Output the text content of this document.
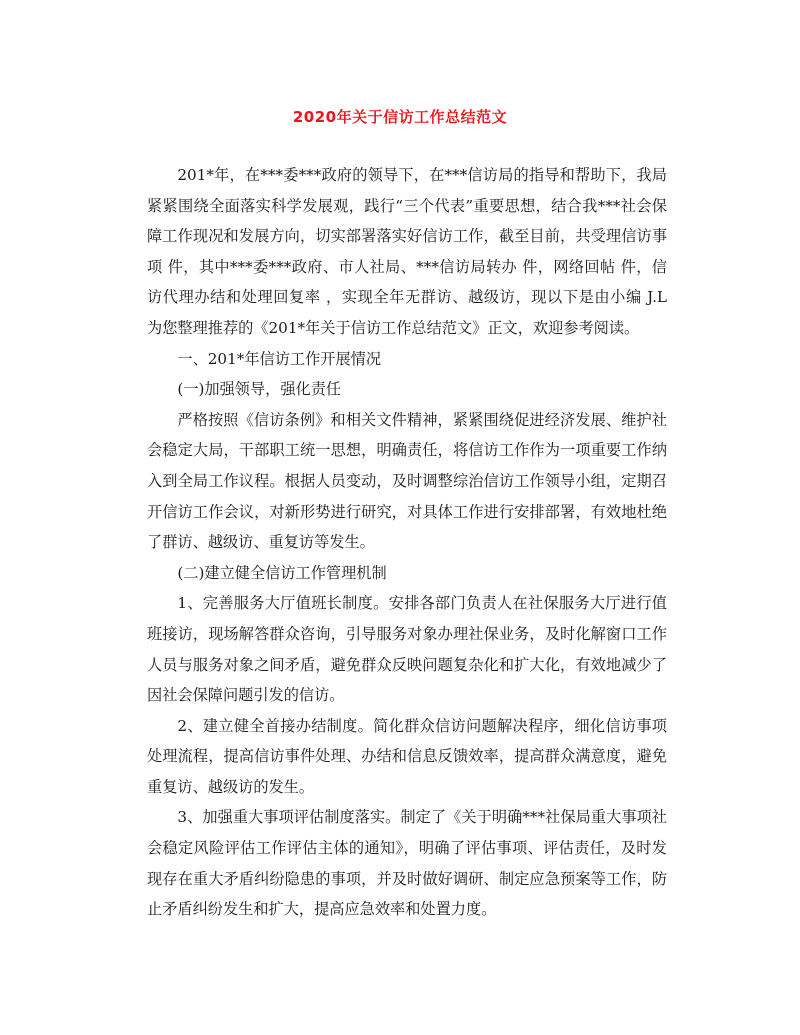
2020年关于信访工作总结范文

201*年，在***委***政府的领导下，在***信访局的指导和帮助下，我局紧紧围绕全面落实科学发展观，践行“三个代表”重要思想，结合我***社会保障工作现况和发展方向，切实部署落实好信访工作，截至目前，共受理信访事项 件，其中***委***政府、市人社局、***信访局转办 件，网络回帖 件，信访代理办结和处理回复率 ，实现全年无群访、越级访，现以下是由小编 J.L 为您整理推荐的《201*年关于信访工作总结范文》正文，欢迎参考阅读。

一、201*年信访工作开展情况

(一)加强领导，强化责任

严格按照《信访条例》和相关文件精神，紧紧围绕促进经济发展、维护社会稳定大局，干部职工统一思想，明确责任，将信访工作作为一项重要工作纳入到全局工作议程。根据人员变动，及时调整综治信访工作领导小组，定期召开信访工作会议，对新形势进行研究，对具体工作进行安排部署，有效地杜绝了群访、越级访、重复访等发生。

(二)建立健全信访工作管理机制

1、完善服务大厅值班长制度。安排各部门负责人在社保服务大厅进行值班接访，现场解答群众咨询，引导服务对象办理社保业务，及时化解窗口工作人员与服务对象之间矛盾，避免群众反映问题复杂化和扩大化，有效地减少了因社会保障问题引发的信访。

2、建立健全首接办结制度。简化群众信访问题解决程序，细化信访事项处理流程，提高信访事件处理、办结和信息反馈效率，提高群众满意度，避免重复访、越级访的发生。

3、加强重大事项评估制度落实。制定了《关于明确***社保局重大事项社会稳定风险评估工作评估主体的通知》，明确了评估事项、评估责任，及时发现存在重大矛盾纠纷隐患的事项，并及时做好调研、制定应急预案等工作，防止矛盾纠纷发生和扩大，提高应急效率和处置力度。
